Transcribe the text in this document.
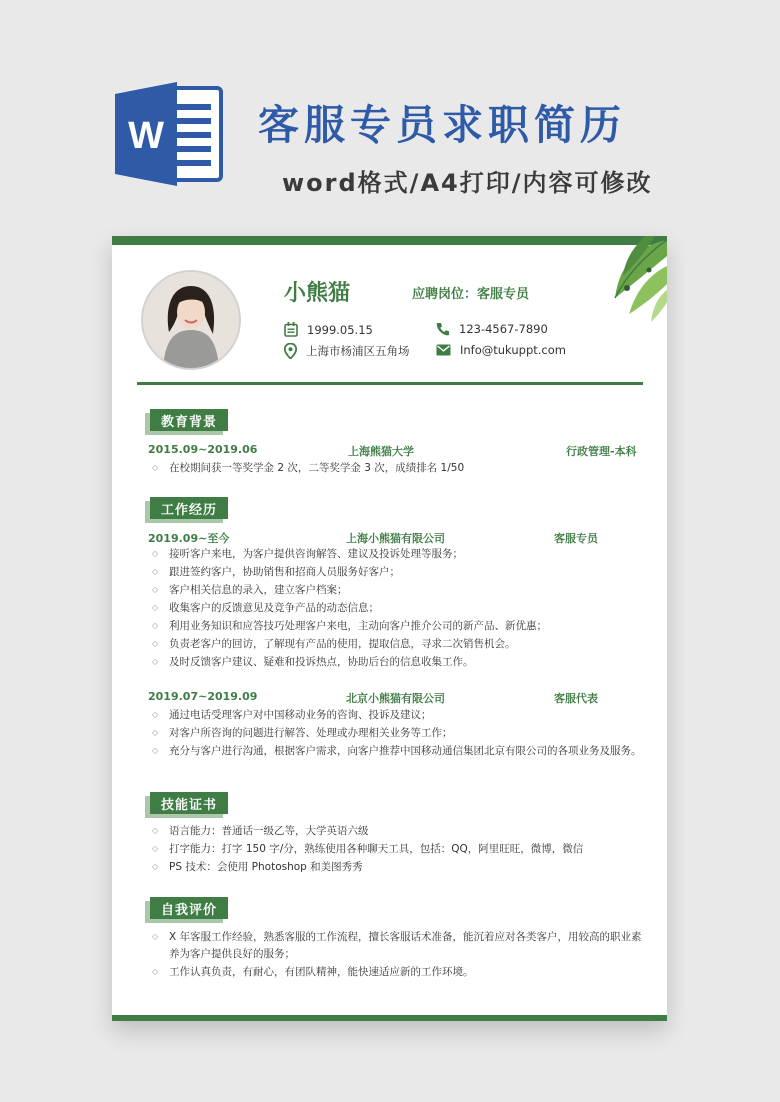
W 客服专员求职简历
word格式/A4打印/内容可修改
小熊猫	应聘岗位：客服专员
1999.05.15	123-4567-7890
上海市杨浦区五角场	Info@tukuppt.com
教育背景
2015.09~2019.06	上海熊猫大学	行政管理-本科
◇ 在校期间获一等奖学金 2 次，二等奖学金 3 次，成绩排名 1/50
工作经历
2019.09~至今	上海小熊猫有限公司	客服专员
◇ 接听客户来电，为客户提供咨询解答、建议及投诉处理等服务；
◇ 跟进签约客户，协助销售和招商人员服务好客户；
◇ 客户相关信息的录入，建立客户档案；
◇ 收集客户的反馈意见及竞争产品的动态信息；
◇ 利用业务知识和应答技巧处理客户来电，主动向客户推介公司的新产品、新优惠；
◇ 负责老客户的回访，了解现有产品的使用，提取信息，寻求二次销售机会。
◇ 及时反馈客户建议、疑难和投诉热点，协助后台的信息收集工作。
2019.07~2019.09	北京小熊猫有限公司	客服代表
◇ 通过电话受理客户对中国移动业务的咨询、投诉及建议；
◇ 对客户所咨询的问题进行解答、处理或办理相关业务等工作；
◇ 充分与客户进行沟通，根据客户需求，向客户推荐中国移动通信集团北京有限公司的各项业务及服务。
技能证书
◇ 语言能力：普通话一级乙等，大学英语六级
◇ 打字能力：打字 150 字/分，熟练使用各种聊天工具，包括：QQ，阿里旺旺，微博，微信
◇ PS 技术：会使用 Photoshop 和美图秀秀
自我评价
◇ X 年客服工作经验，熟悉客服的工作流程，擅长客服话术准备，能沉着应对各类客户，用较高的职业素
养为客户提供良好的服务；
◇ 工作认真负责，有耐心，有团队精神，能快速适应新的工作环境。
